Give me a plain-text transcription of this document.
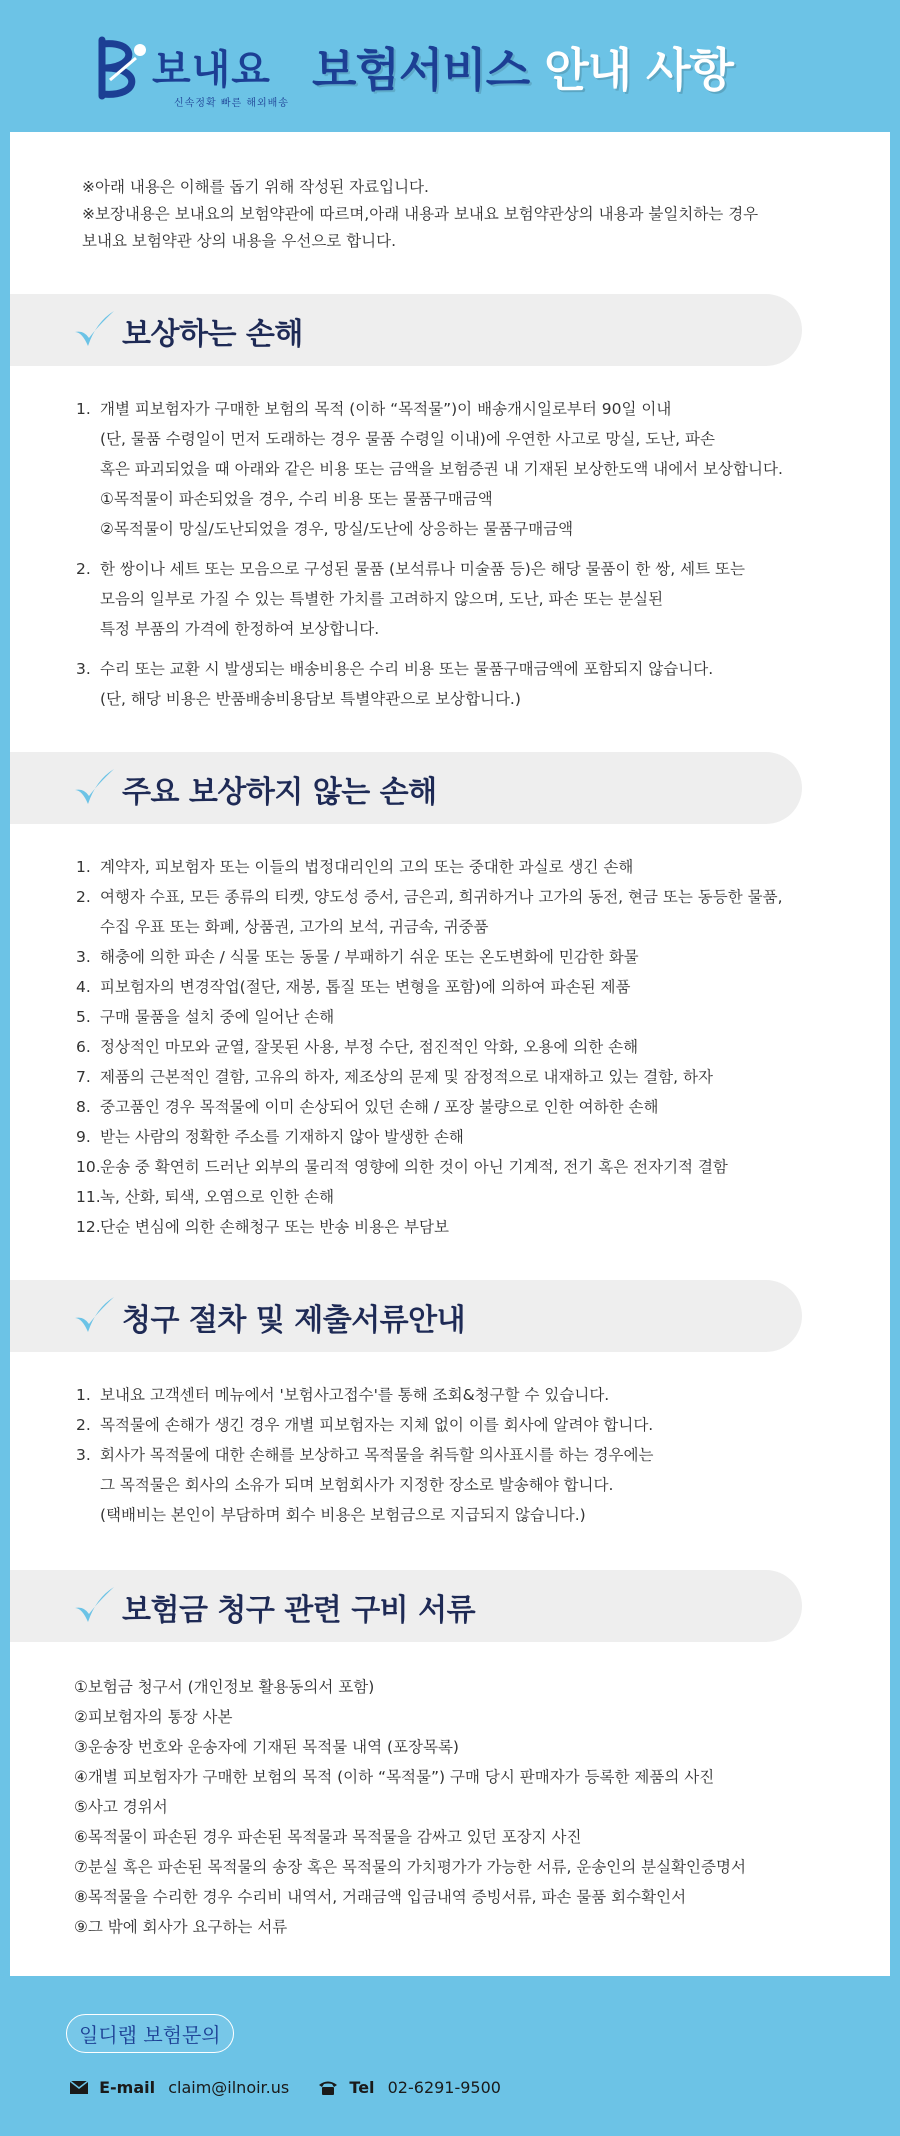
보내요
신속정확 빠른 해외배송
보험서비스 안내 사항
※아래 내용은 이해를 돕기 위해 작성된 자료입니다.
※보장내용은 보내요의 보험약관에 따르며,아래 내용과 보내요 보험약관상의 내용과 불일치하는 경우
보내요 보험약관 상의 내용을 우선으로 합니다.
보상하는 손해
1. 개별 피보험자가 구매한 보험의 목적 (이하 “목적물”)이 배송개시일로부터 90일 이내
(단, 물품 수령일이 먼저 도래하는 경우 물품 수령일 이내)에 우연한 사고로 망실, 도난, 파손
혹은 파괴되었을 때 아래와 같은 비용 또는 금액을 보험증권 내 기재된 보상한도액 내에서 보상합니다.
①목적물이 파손되었을 경우, 수리 비용 또는 물품구매금액
②목적물이 망실/도난되었을 경우, 망실/도난에 상응하는 물품구매금액
2. 한 쌍이나 세트 또는 모음으로 구성된 물품 (보석류나 미술품 등)은 해당 물품이 한 쌍, 세트 또는
모음의 일부로 가질 수 있는 특별한 가치를 고려하지 않으며, 도난, 파손 또는 분실된
특정 부품의 가격에 한정하여 보상합니다.
3. 수리 또는 교환 시 발생되는 배송비용은 수리 비용 또는 물품구매금액에 포함되지 않습니다.
(단, 해당 비용은 반품배송비용담보 특별약관으로 보상합니다.)
주요 보상하지 않는 손해
1. 계약자, 피보험자 또는 이들의 법정대리인의 고의 또는 중대한 과실로 생긴 손해
2. 여행자 수표, 모든 종류의 티켓, 양도성 증서, 금은괴, 희귀하거나 고가의 동전, 현금 또는 동등한 물품,
수집 우표 또는 화폐, 상품권, 고가의 보석, 귀금속, 귀중품
3. 해충에 의한 파손 / 식물 또는 동물 / 부패하기 쉬운 또는 온도변화에 민감한 화물
4. 피보험자의 변경작업(절단, 재봉, 톱질 또는 변형을 포함)에 의하여 파손된 제품
5. 구매 물품을 설치 중에 일어난 손해
6. 정상적인 마모와 균열, 잘못된 사용, 부정 수단, 점진적인 악화, 오용에 의한 손해
7. 제품의 근본적인 결함, 고유의 하자, 제조상의 문제 및 잠정적으로 내재하고 있는 결함, 하자
8. 중고품인 경우 목적물에 이미 손상되어 있던 손해 / 포장 불량으로 인한 여하한 손해
9. 받는 사람의 정확한 주소를 기재하지 않아 발생한 손해
10. 운송 중 확연히 드러난 외부의 물리적 영향에 의한 것이 아닌 기계적, 전기 혹은 전자기적 결함
11. 녹, 산화, 퇴색, 오염으로 인한 손해
12. 단순 변심에 의한 손해청구 또는 반송 비용은 부담보
청구 절차 및 제출서류안내
1. 보내요 고객센터 메뉴에서 '보험사고접수'를 통해 조회&청구할 수 있습니다.
2. 목적물에 손해가 생긴 경우 개별 피보험자는 지체 없이 이를 회사에 알려야 합니다.
3. 회사가 목적물에 대한 손해를 보상하고 목적물을 취득할 의사표시를 하는 경우에는
그 목적물은 회사의 소유가 되며 보험회사가 지정한 장소로 발송해야 합니다.
(택배비는 본인이 부담하며 회수 비용은 보험금으로 지급되지 않습니다.)
보험금 청구 관련 구비 서류
①보험금 청구서 (개인정보 활용동의서 포함)
②피보험자의 통장 사본
③운송장 번호와 운송자에 기재된 목적물 내역 (포장목록)
④개별 피보험자가 구매한 보험의 목적 (이하 “목적물”) 구매 당시 판매자가 등록한 제품의 사진
⑤사고 경위서
⑥목적물이 파손된 경우 파손된 목적물과 목적물을 감싸고 있던 포장지 사진
⑦분실 혹은 파손된 목적물의 송장 혹은 목적물의 가치평가가 가능한 서류, 운송인의 분실확인증명서
⑧목적물을 수리한 경우 수리비 내역서, 거래금액 입금내역 증빙서류, 파손 물품 회수확인서
⑨그 밖에 회사가 요구하는 서류
일디랩 보험문의
E-mail claim@ilnoir.us	Tel 02-6291-9500
